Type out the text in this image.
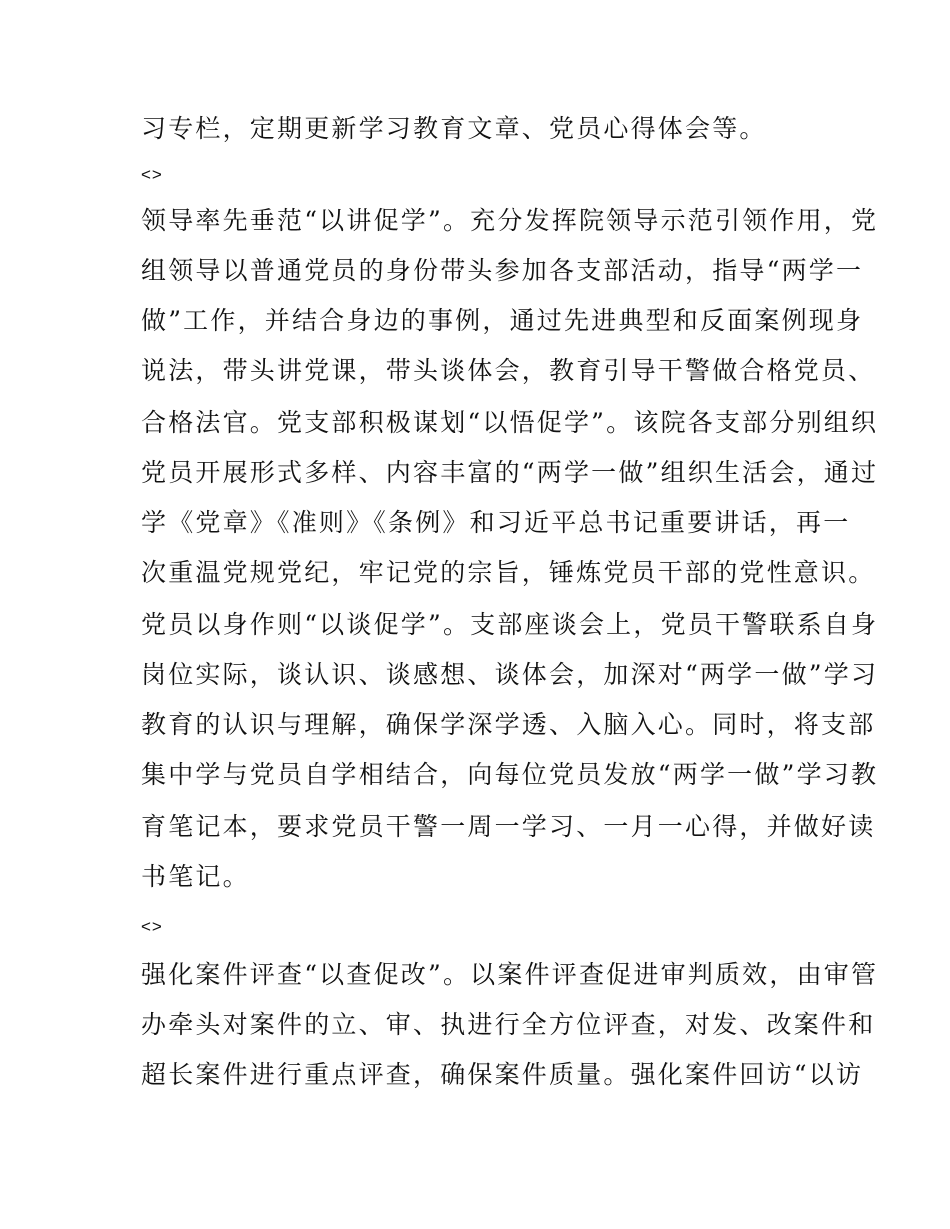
习专栏，定期更新学习教育文章、党员心得体会等。
<>
领导率先垂范“以讲促学”。充分发挥院领导示范引领作用，党
组领导以普通党员的身份带头参加各支部活动，指导“两学一
做”工作，并结合身边的事例，通过先进典型和反面案例现身
说法，带头讲党课，带头谈体会，教育引导干警做合格党员、
合格法官。党支部积极谋划“以悟促学”。该院各支部分别组织
党员开展形式多样、内容丰富的“两学一做”组织生活会，通过
学《党章》《准则》《条例》和习近平总书记重要讲话，再一
次重温党规党纪，牢记党的宗旨，锤炼党员干部的党性意识。
党员以身作则“以谈促学”。支部座谈会上，党员干警联系自身
岗位实际，谈认识、谈感想、谈体会，加深对“两学一做”学习
教育的认识与理解，确保学深学透、入脑入心。同时，将支部
集中学与党员自学相结合，向每位党员发放“两学一做”学习教
育笔记本，要求党员干警一周一学习、一月一心得，并做好读
书笔记。
<>
强化案件评查“以查促改”。以案件评查促进审判质效，由审管
办牵头对案件的立、审、执进行全方位评查，对发、改案件和
超长案件进行重点评查，确保案件质量。强化案件回访“以访
